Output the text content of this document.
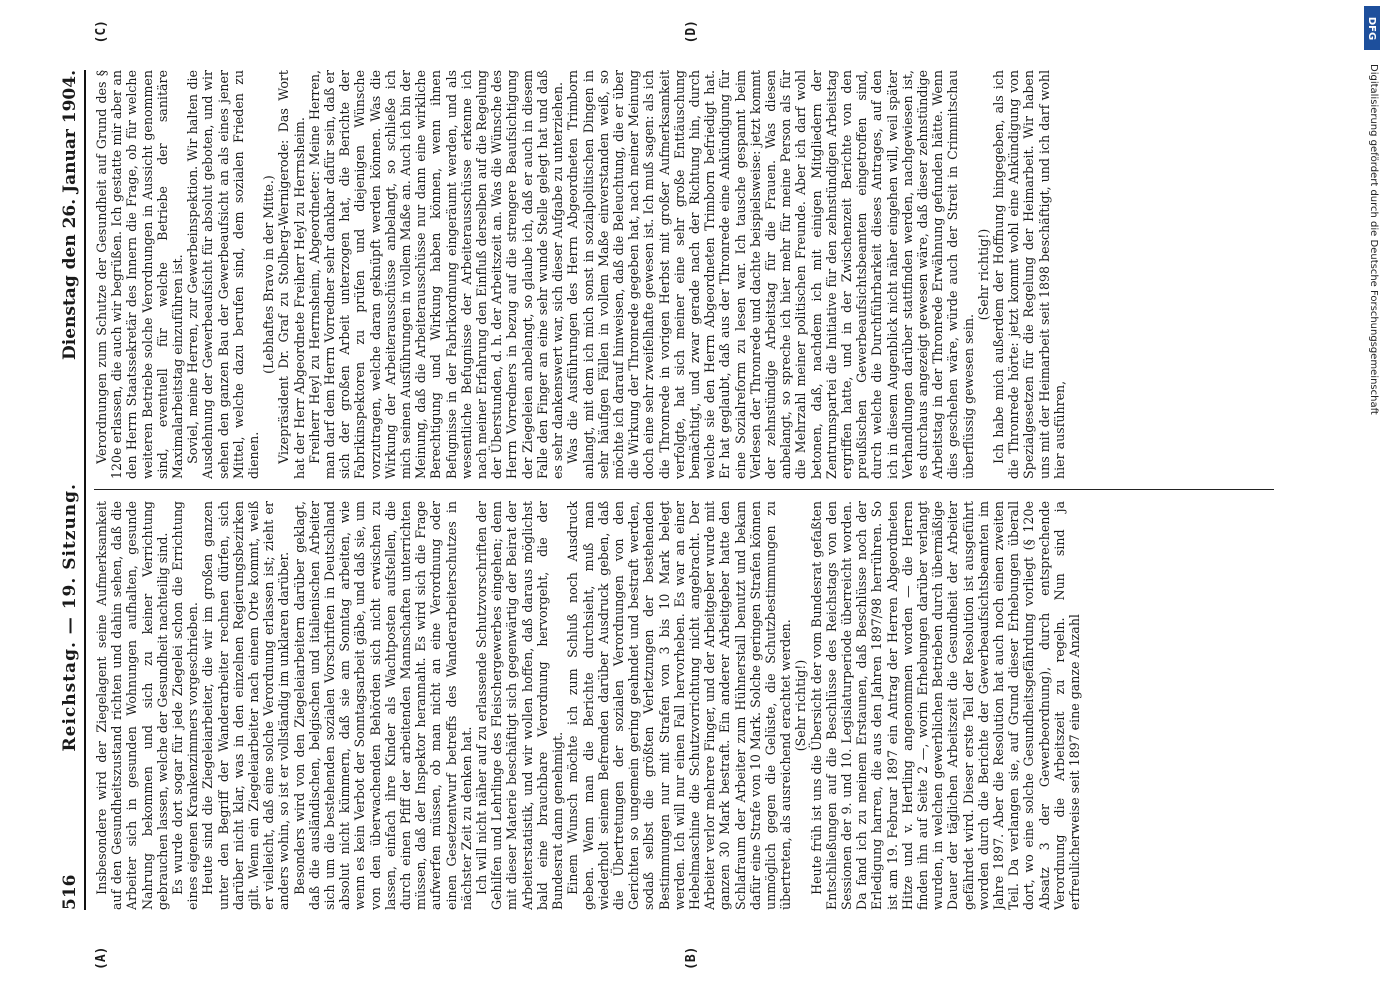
516
Reichstag. — 19. Sitzung.
Dienstag den 26. Januar 1904.
(A)	(B)

Insbesondere wird der Ziegelagent seine Aufmerksamkeit auf den Gesundheitszustand richten und dahin sehen, daß die Arbeiter sich in gesunden Wohnungen aufhalten, gesunde Nahrung bekommen und sich zu keiner Verrichtung gebrauchen lassen, welche der Gesundheit nachteilig sind. Es wurde dort sogar für jede Ziegelei schon die Errichtung eines eigenen Krankenzimmers vorgeschrieben. Heute sind die Ziegeleiarbeiter, die wir im großen ganzen unter den Begriff der Wanderarbeiter rechnen dürfen, sich darüber nicht klar, was in den einzelnen Regierungsbezirken gilt. Wenn ein Ziegeleiarbeiter nach einem Orte kommt, weiß er vielleicht, daß eine solche Verordnung erlassen ist; zieht er anders wohin, so ist er vollständig im unklaren darüber. Besonders wird von den Ziegeleiarbeitern darüber geklagt, daß die ausländischen, belgischen und italienischen Arbeiter sich um die bestehenden sozialen Vorschriften in Deutschland absolut nicht kümmern, daß sie am Sonntag arbeiten, wie wenn es kein Verbot der Sonntagsarbeit gäbe, und daß sie, um von den überwachenden Behörden sich nicht erwischen zu lassen, einfach ihre Kinder als Wachtposten aufstellen, die durch einen Pfiff der arbeitenden Mannschaften unterrichten müssen, daß der Inspektor herannaht. Es wird sich die Frage aufwerfen müssen, ob man nicht an eine Verordnung oder einen Gesetzentwurf betreffs des Wanderarbeiterschutzes in nächster Zeit zu denken hat. Ich will nicht näher auf zu erlassende Schutzvorschriften der Gehilfen und Lehrlinge des Fleischergewerbes eingehen; denn mit dieser Materie beschäftigt sich gegenwärtig der Beirat der Arbeiterstatistik, und wir wollen hoffen, daß daraus möglichst bald eine brauchbare Verordnung hervorgeht, die der Bundesrat dann genehmigt. Einem Wunsch möchte ich zum Schluß noch Ausdruck geben. Wenn man die Berichte durchsieht, muß man wiederholt seinem Befremden darüber Ausdruck geben, daß die Übertretungen der sozialen Verordnungen von den Gerichten so ungemein gering geahndet und bestraft werden, sodaß selbst die größten Verletzungen der bestehenden Bestimmungen nur mit Strafen von 3 bis 10 Mark belegt werden. Ich will nur einen Fall hervorheben. Es war an einer Hebelmaschine die Schutzvorrichtung nicht angebracht. Der Arbeiter verlor mehrere Finger, und der Arbeitgeber wurde mit ganzen 30 Mark bestraft. Ein anderer Arbeitgeber hatte den Schlafraum der Arbeiter zum Hühnerstall benutzt und bekam dafür eine Strafe von 10 Mark. Solche geringen Strafen können unmöglich gegen die Gelüste, die Schutzbestimmungen zu übertreten, als ausreichend erachtet werden. (Sehr richtig!) Heute früh ist uns die Übersicht der vom Bundesrat gefaßten Entschließungen auf die Beschlüsse des Reichstags von den Sessionen der 9. und 10. Legislaturperiode überreicht worden. Da fand ich zu meinem Erstaunen, daß Beschlüsse noch der Erledigung harren, die aus den Jahren 1897/98 herrühren. So ist am 19. Februar 1897 ein Antrag der Herren Abgeordneten Hitze und v. Hertling angenommen worden — die Herren finden ihn auf Seite 2 —, worin Erhebungen darüber verlangt wurden, in welchen gewerblichen Betrieben durch übermäßige Dauer der täglichen Arbeitszeit die Gesundheit der Arbeiter gefährdet wird. Dieser erste Teil der Resolution ist ausgeführt worden durch die Berichte der Gewerbeaufsichtsbeamten im Jahre 1897. Aber die Resolution hat auch noch einen zweiten Teil. Da verlangen sie, auf Grund dieser Erhebungen überall dort, wo eine solche Gesundheitsgefährdung vorliegt (§ 120e Absatz 3 der Gewerbeordnung), durch entsprechende Verordnung die Arbeitszeit zu regeln. Nun sind ja erfreulicherweise seit 1897 eine ganze Anzahl

Verordnungen zum Schutze der Gesundheit auf Grund des § 120e erlassen, die auch wir begrüßen. Ich gestatte mir aber an den Herrn Staatssekretär des Innern die Frage, ob für welche weiteren Betriebe solche Verordnungen in Aussicht genommen sind, eventuell für welche Betriebe der sanitäre Maximalarbeitstag einzuführen ist. Soviel, meine Herren, zur Gewerbeinspektion. Wir halten die Ausdehnung der Gewerbeaufsicht für absolut geboten, und wir sehen den ganzen Bau der Gewerbeaufsicht an als eines jener Mittel, welche dazu berufen sind, dem sozialen Frieden zu dienen.

(Lebhaftes Bravo in der Mitte.) Vizepräsident Dr. Graf zu Stolberg-Wernigerode: Das Wort hat der Herr Abgeordnete Freiherr Heyl zu Herrnsheim. Freiherr Heyl zu Herrnsheim, Abgeordneter: Meine Herren, man darf dem Herrn Vorredner sehr dankbar dafür sein, daß er sich der großen Arbeit unterzogen hat, die Berichte der Fabrikinspektoren zu prüfen und diejenigen Wünsche vorzutragen, welche daran geknüpft werden können. Was die Wirkung der Arbeiterausschüsse anbelangt, so schließe ich mich seinen Ausführungen in vollem Maße an. Auch ich bin der Meinung, daß die Arbeiterausschüsse nur dann eine wirkliche Berechtigung und Wirkung haben können, wenn ihnen Befugnisse in der Fabrikordnung eingeräumt werden, und als wesentliche Befugnisse der Arbeiterausschüsse erkenne ich nach meiner Erfahrung den Einfluß derselben auf die Regelung der Überstunden, d. h. der Arbeitszeit an. Was die Wünsche des Herrn Vorredners in bezug auf die strengere Beaufsichtigung der Ziegeleien anbelangt, so glaube ich, daß er auch in diesem Falle den Finger an eine sehr wunde Stelle gelegt hat und daß es sehr dankenswert war, sich dieser Aufgabe zu unterziehen. Was die Ausführungen des Herrn Abgeordneten Trimborn anlangt, mit dem ich mich sonst in sozialpolitischen Dingen in sehr häufigen Fällen in vollem Maße einverstanden weiß, so möchte ich darauf hinweisen, daß die Beleuchtung, die er über die Wirkung der Thronrede gegeben hat, nach meiner Meinung doch eine sehr zweifelhafte gewesen ist. Ich muß sagen: als ich die Thronrede in vorigen Herbst mit großer Aufmerksamkeit verfolgte, hat sich meiner eine sehr große Enttäuschung bemächtigt, und zwar gerade nach der Richtung hin, durch welche sie den Herrn Abgeordneten Trimborn befriedigt hat. Er hat geglaubt, daß aus der Thronrede eine Ankündigung für eine Sozialreform zu lesen war. Ich tausche gespannt beim Verlesen der Thronrede und dachte beispielsweise: jetzt kommt der zehnstündige Arbeitstag für die Frauen. Was diesen anbelangt, so spreche ich hier mehr für meine Person als für die Mehrzahl meiner politischen Freunde. Aber ich darf wohl betonen, daß, nachdem ich mit einigen Mitgliedern der Zentrumspartei die Initiative für den zehnstündigen Arbeitstag ergriffen hatte, und in der Zwischenzeit Berichte von den preußischen Gewerbeaufsichtsbeamten eingetroffen sind, durch welche die Durchführbarkeit dieses Antrages, auf den ich in diesem Augenblick nicht näher eingehen will, weil später Verhandlungen darüber stattfinden werden, nachgewiesen ist, es durchaus angezeigt gewesen wäre, daß dieser zehnstündige Arbeitstag in der Thronrede Erwähnung gefunden hätte. Wenn dies geschehen wäre, würde auch der Streit in Crimmitschau überflüssig gewesen sein.

(Sehr richtig!) Ich habe mich außerdem der Hoffnung hingegeben, als ich die Thronrede hörte: jetzt kommt wohl eine Ankündigung von Spezialgesetzen für die Regelung der Heimarbeit. Wir haben uns mit der Heimarbeit seit 1898 beschäftigt, und ich darf wohl hier ausführen,

(C)	(D)
Digitalisierung gefördert durch die Deutsche Forschungsgemeinschaft
DFG
